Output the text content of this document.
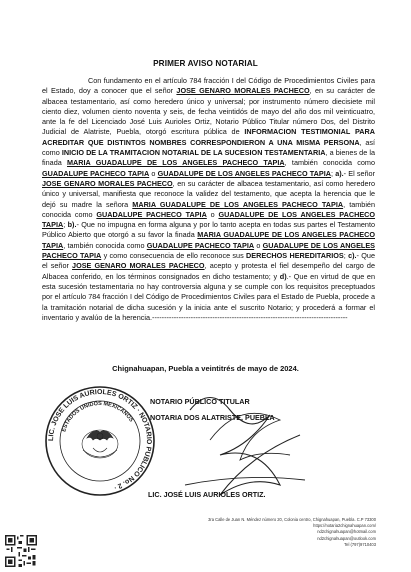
PRIMER AVISO NOTARIAL

Con fundamento en el artículo 784 fracción I del Código de Procedimientos Civiles para el Estado, doy a conocer que el señor JOSE GENARO MORALES PACHECO, en su carácter de albacea testamentario, así como heredero único y universal; por instrumento número diecisiete mil ciento diez, volumen ciento noventa y seis, de fecha veintidós de mayo del año dos mil veinticuatro, ante la fe del Licenciado José Luis Aurioles Ortiz, Notario Público Titular número Dos, del Distrito Judicial de Alatriste, Puebla, otorgó escritura pública de INFORMACION TESTIMONIAL PARA ACREDITAR QUE DISTINTOS NOMBRES CORRESPONDIERON A UNA MISMA PERSONA, así como INICIO DE LA TRAMITACION NOTARIAL DE LA SUCESION TESTAMENTARIA, a bienes de la finada MARIA GUADALUPE DE LOS ANGELES PACHECO TAPIA, también conocida como GUADALUPE PACHECO TAPIA o GUADALUPE DE LOS ANGELES PACHECO TAPIA; a).- El señor JOSE GENARO MORALES PACHECO, en su carácter de albacea testamentario, así como heredero único y universal, manifiesta que reconoce la validez del testamento, que acepta la herencia que le dejó su madre la señora MARIA GUADALUPE DE LOS ANGELES PACHECO TAPIA, también conocida como GUADALUPE PACHECO TAPIA o GUADALUPE DE LOS ANGELES PACHECO TAPIA; b).- Que no impugna en forma alguna y por lo tanto acepta en todas sus partes el Testamento Público Abierto que otorgó a su favor la finada MARIA GUADALUPE DE LOS ANGELES PACHECO TAPIA, también conocida como GUADALUPE PACHECO TAPIA o GUADALUPE DE LOS ANGELES PACHECO TAPIA y como consecuencia de ello reconoce sus DERECHOS HEREDITARIOS; c).- Que el señor JOSE GENARO MORALES PACHECO, acepto y protesta el fiel desempeño del cargo de Albacea conferido, en los términos consignados en dicho testamento; y d).- Que en virtud de que en esta sucesión testamentaria no hay controversia alguna y se cumple con los requisitos preceptuados por el artículo 784 fracción I del Código de Procedimientos Civiles para el Estado de Puebla, procede a la tramitación notarial de dicha sucesión y la inicia ante el suscrito Notario; y procederá a formar el inventario y avalúo de la herencia.---------------------------------------------------------------------------------

Chignahuapan, Puebla a veintitrés de mayo de 2024.
LIC. JOSE LUIS AURIOLES ORTIZ · NOTARIO PUBLICO No. 2 ·
ESTADOS UNIDOS MEXICANOS
NOTARIO PÚBLICO TITULAR
NOTARIA DOS ALATRISTE, PUEBLA
LIC. JOSÉ LUIS AURIOLES ORTIZ.
3ra Calle de Juan N. Méndez número 20, Colonia centro, Chignahuapan, Puebla. C.P 73300
https://notaria2chignahuapan.com/
nd2chignahuapan@hotmail.com
nd2chignahuapan@outlook.com
Tel (797)9710403
